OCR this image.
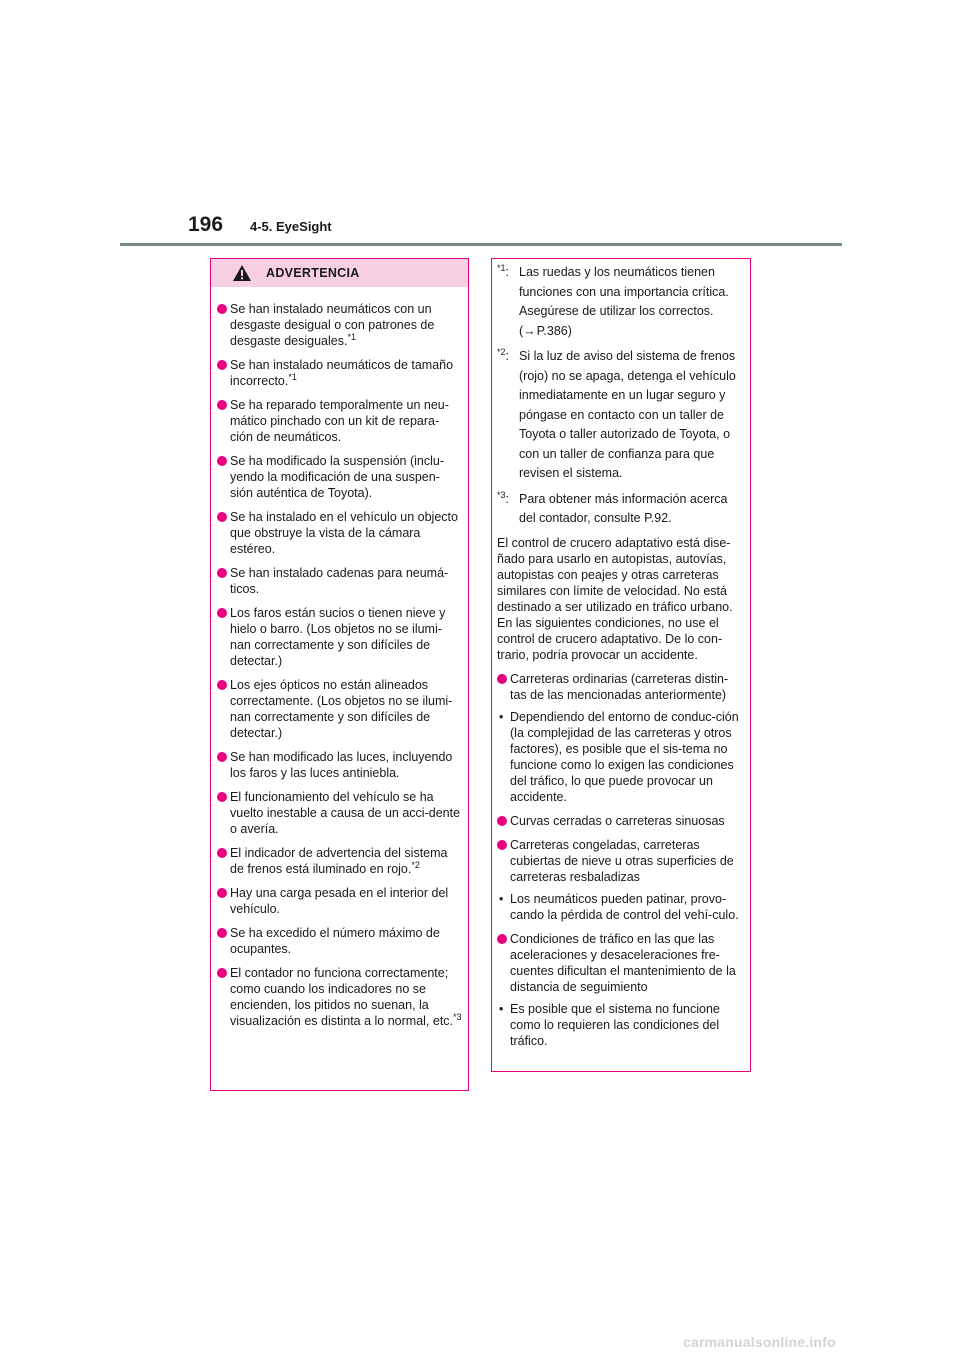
196 4-5. EyeSight
ADVERTENCIA
Se han instalado neumáticos con un desgaste desigual o con patrones de desgaste desiguales.$^{*1}$
Se han instalado neumáticos de tamaño incorrecto.$^{*1}$
Se ha reparado temporalmente un neu-mático pinchado con un kit de repara-ción de neumáticos.
Se ha modificado la suspensión (inclu-yendo la modificación de una suspen-sión auténtica de Toyota).
Se ha instalado en el vehículo un objecto que obstruye la vista de la cámara estéreo.
Se han instalado cadenas para neumá-ticos.
Los faros están sucios o tienen nieve y hielo o barro. (Los objetos no se ilumi-nan correctamente y son difíciles de detectar.)
Los ejes ópticos no están alineados correctamente. (Los objetos no se ilumi-nan correctamente y son difíciles de detectar.)
Se han modificado las luces, incluyendo los faros y las luces antiniebla.
El funcionamiento del vehículo se ha vuelto inestable a causa de un acci-dente o avería.
El indicador de advertencia del sistema de frenos está iluminado en rojo.$^{*2}$
Hay una carga pesada en el interior del vehículo.
Se ha excedido el número máximo de ocupantes.
El contador no funciona correctamente; como cuando los indicadores no se encienden, los pitidos no suenan, la visualización es distinta a lo normal, etc.$^{*3}$
$^{*1}$: Las ruedas y los neumáticos tienen funciones con una importancia crítica. Asegúrese de utilizar los correctos.
(→P.386)
$^{*2}$: Si la luz de aviso del sistema de frenos (rojo) no se apaga, detenga el vehículo inmediatamente en un lugar seguro y póngase en contacto con un taller de Toyota o taller autorizado de Toyota, o con un taller de confianza para que revisen el sistema.
$^{*3}$: Para obtener más información acerca del contador, consulte P.92.
El control de crucero adaptativo está dise-ñado para usarlo en autopistas, autovías, autopistas con peajes y otras carreteras similares con límite de velocidad. No está destinado a ser utilizado en tráfico urbano. En las siguientes condiciones, no use el control de crucero adaptativo. De lo con-trario, podría provocar un accidente.
Carreteras ordinarias (carreteras distin-tas de las mencionadas anteriormente)
• Dependiendo del entorno de conduc-ción (la complejidad de las carreteras y otros factores), es posible que el sis-tema no funcione como lo exigen las condiciones del tráfico, lo que puede provocar un accidente.
Curvas cerradas o carreteras sinuosas
Carreteras congeladas, carreteras cubiertas de nieve u otras superficies de carreteras resbaladizas
• Los neumáticos pueden patinar, provo-cando la pérdida de control del vehí-culo.
Condiciones de tráfico en las que las aceleraciones y desaceleraciones fre-cuentes dificultan el mantenimiento de la distancia de seguimiento
• Es posible que el sistema no funcione como lo requieren las condiciones del tráfico.
carmanualsonline.info
